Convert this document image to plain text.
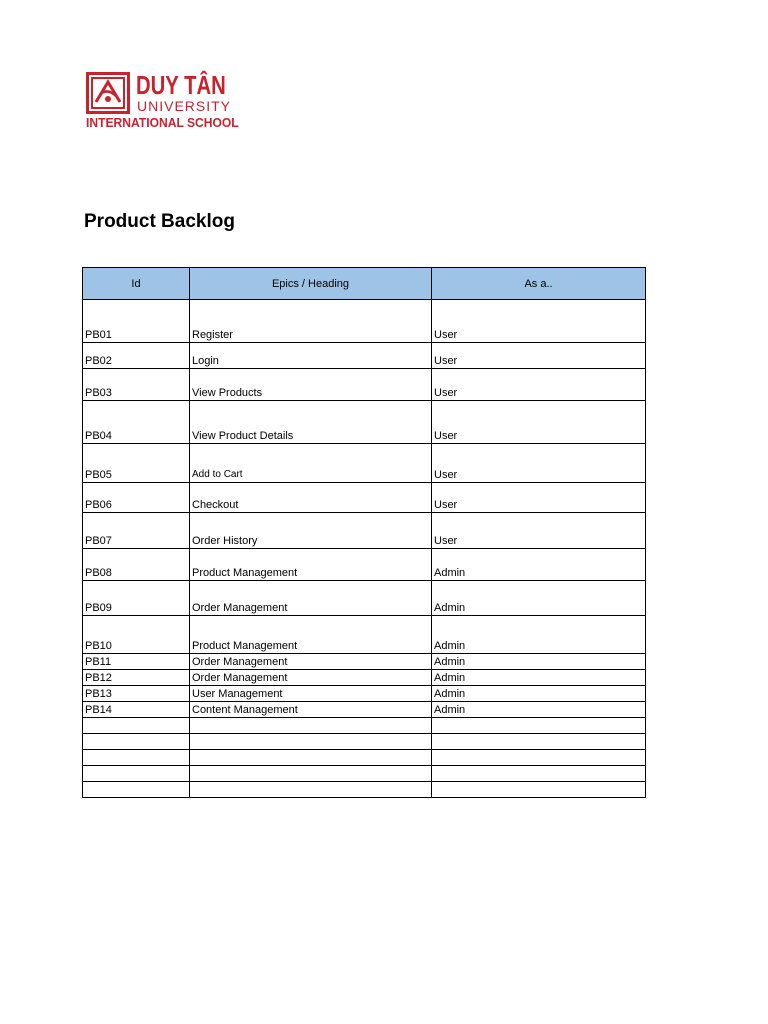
DUY TÂN
UNIVERSITY
INTERNATIONAL SCHOOL
Product Backlog
Id	Epics / Heading	As a..
PB01	Register	User
PB02	Login	User
PB03	View Products	User
PB04	View Product Details	User
PB05	Add to Cart	User
PB06	Checkout	User
PB07	Order History	User
PB08	Product Management	Admin
PB09	Order Management	Admin
PB10	Product Management	Admin
PB11	Order Management	Admin
PB12	Order Management	Admin
PB13	User Management	Admin
PB14	Content Management	Admin
